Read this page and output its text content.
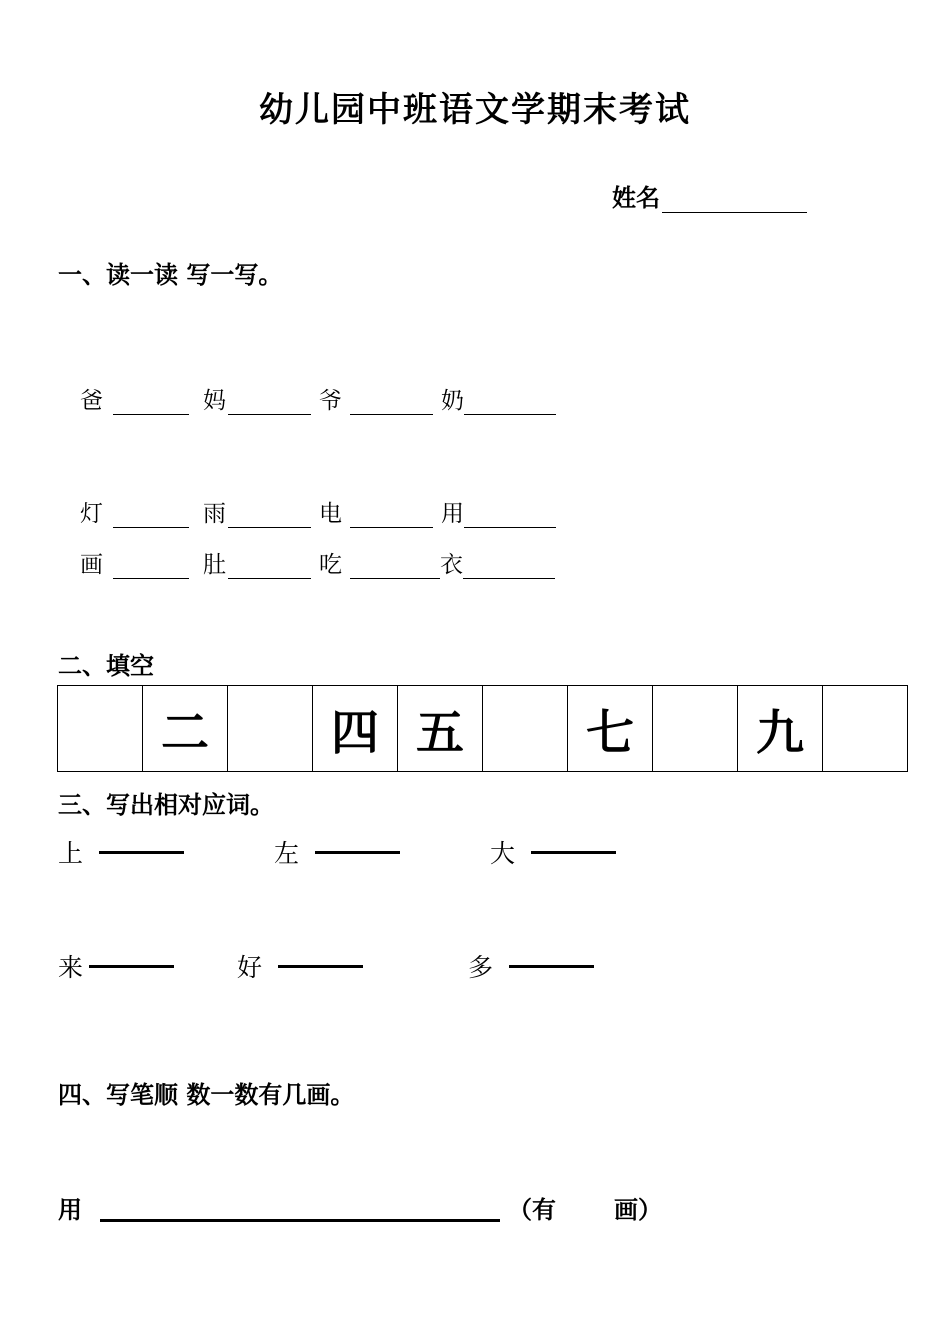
幼儿园中班语文学期末考试
姓名
一、读一读 写一写。
爸	妈	爷	奶
灯	雨	电	用
画	肚	吃	衣
二、填空
	二		四	五		七		九	
三、写出相对应词。
上	左	大
来	好	多
四、写笔顺 数一数有几画。
用	（有 画）
